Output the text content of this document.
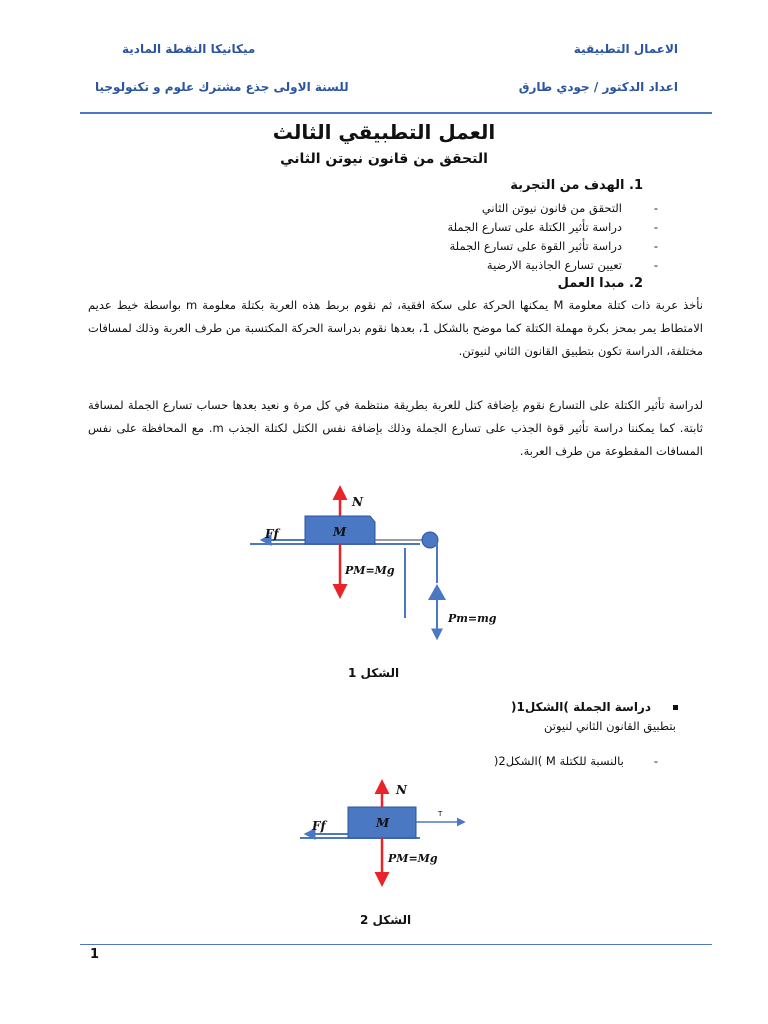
الاعمال التطبيقية
ميكانيكا النقطة المادية
اعداد الدكتور / جودي طارق
للسنة الاولى جذع مشترك علوم و تكنولوجيا
العمل التطبيقي الثالث
التحقق من قانون نيوتن الثاني
1. الهدف من التجربة
- التحقق من قانون نيوتن الثاني
- دراسة تأثير الكتلة على تسارع الجملة
- دراسة تأثير القوة على تسارع الجملة
- تعيين تسارع الجاذبية الارضية
2. مبدا العمل
نأخذ عربة ذات كتلة معلومة M يمكنها الحركة على سكة افقية، ثم نقوم بربط هذه العربة بكتلة معلومة m بواسطة خيط عديم الامتطاط يمر بمحز بكرة مهملة الكتلة كما موضح بالشكل 1، بعدها نقوم بدراسة الحركة المكتسبة من طرف العربة وذلك لمسافات مختلفة، الدراسة تكون بتطبيق القانون الثاني لنيوتن.
لدراسة تأثير الكتلة على التسارع نقوم بإضافة كتل للعربة بطريقة منتظمة في كل مرة و نعيد بعدها حساب تسارع الجملة لمسافة ثابتة. كما يمكننا دراسة تأثير قوة الجذب على تسارع الجملة وذلك بإضافة نفس الكتل لكتلة الجذب m. مع المحافظة على نفس المسافات المقطوعة من طرف العربة.
N
M
Ff
PM=Mg
Pm=mg
الشكل 1
دراسة الجملة )الشكل1(
بتطبيق القانون الثاني لنيوتن
-بالنسبة للكتلة M )الشكل2(
N
M
Ff
T
PM=Mg
الشكل 2
1
